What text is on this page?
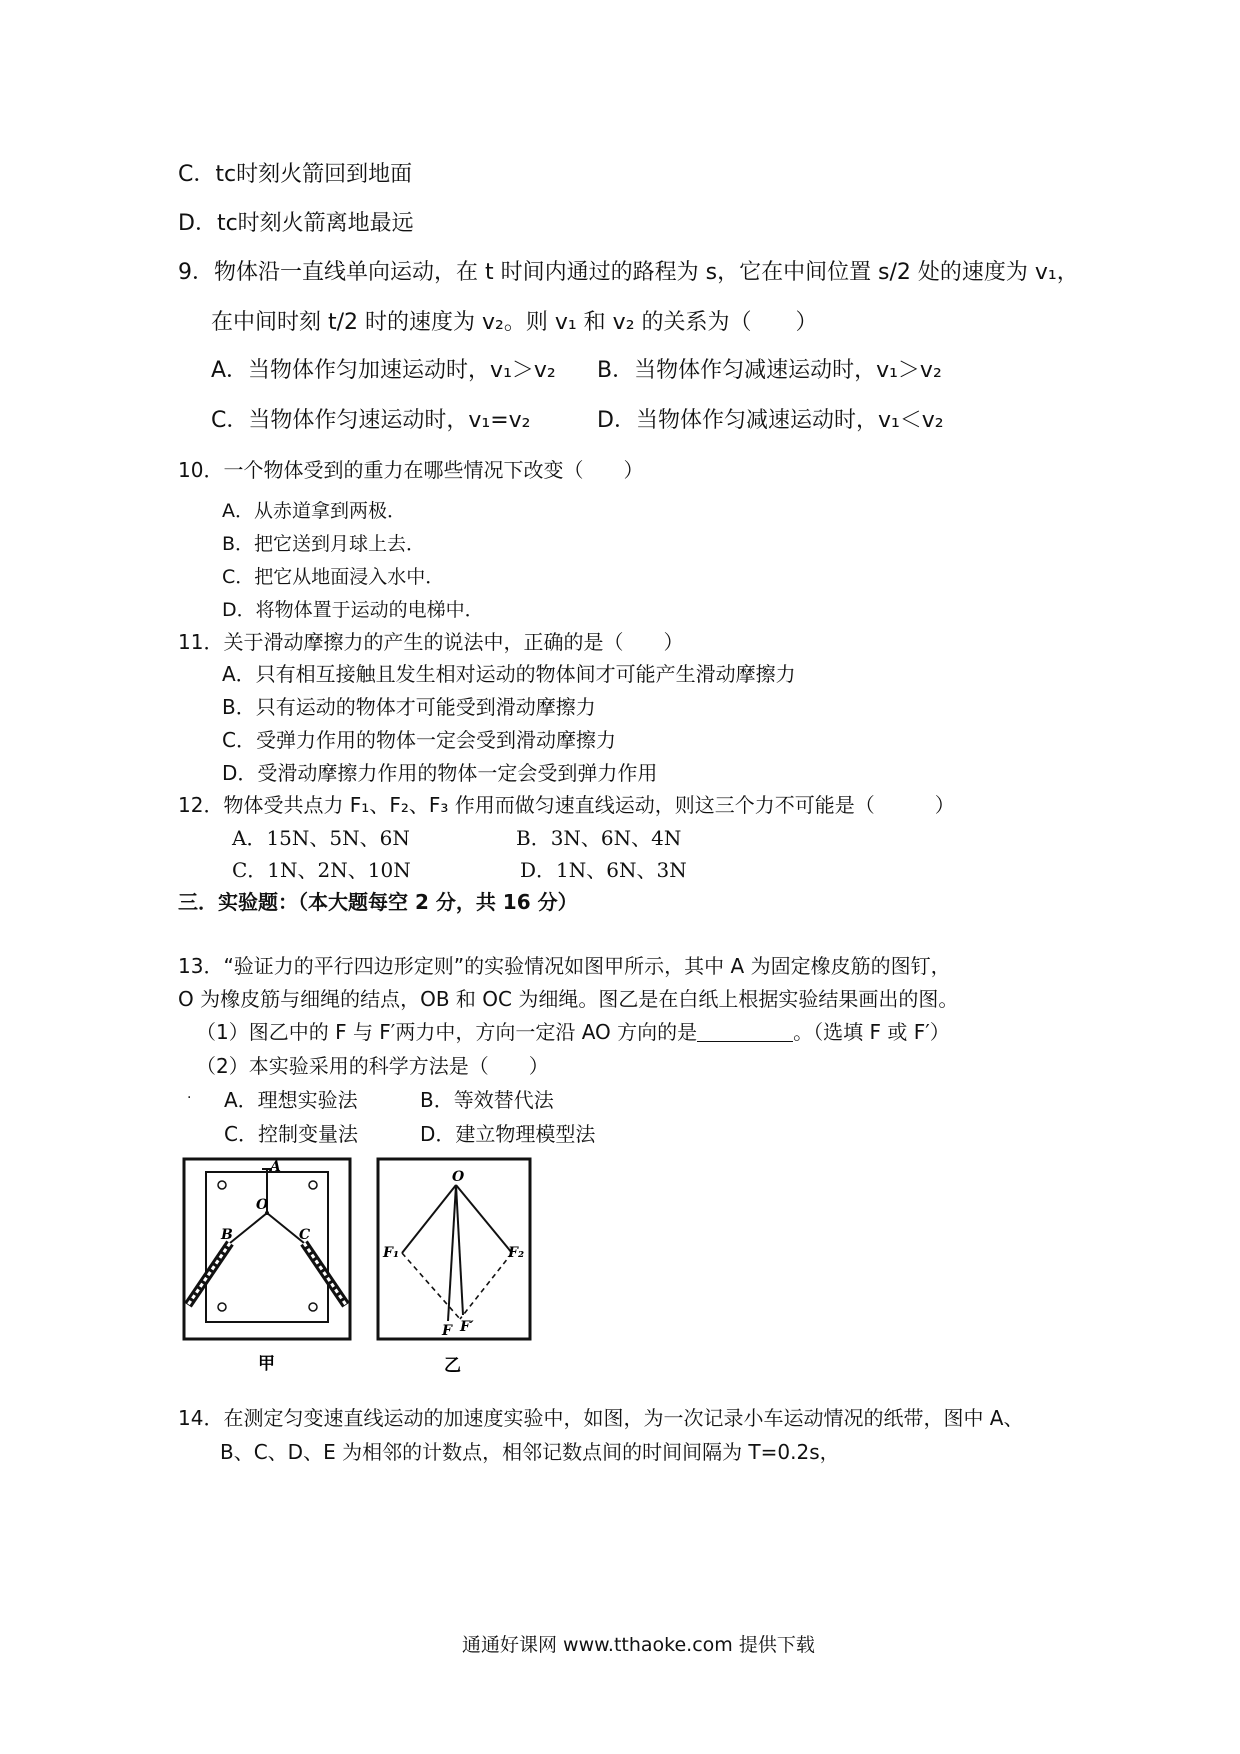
C．tc时刻火箭回到地面
D．tc时刻火箭离地最远
9．物体沿一直线单向运动，在 t 时间内通过的路程为 s，它在中间位置 s/2 处的速度为 v₁，
在中间时刻 t/2 时的速度为 v₂。则 v₁ 和 v₂ 的关系为（　　）
A．当物体作匀加速运动时，v₁＞v₂ B．当物体作匀减速运动时，v₁＞v₂
C．当物体作匀速运动时，v₁=v₂	D．当物体作匀减速运动时，v₁＜v₂
10．一个物体受到的重力在哪些情况下改变（　　）
A．从赤道拿到两极．
B．把它送到月球上去．
C．把它从地面浸入水中．
D．将物体置于运动的电梯中．
11．关于滑动摩擦力的产生的说法中，正确的是（　　）
A．只有相互接触且发生相对运动的物体间才可能产生滑动摩擦力
B．只有运动的物体才可能受到滑动摩擦力
C．受弹力作用的物体一定会受到滑动摩擦力
D．受滑动摩擦力作用的物体一定会受到弹力作用
12．物体受共点力 F₁、F₂、F₃ 作用而做匀速直线运动，则这三个力不可能是（　　　）
A．15N、5N、6N	B．3N、6N、4N
C．1N、2N、10N	D．1N、6N、3N
三．实验题：（本大题每空 2 分，共 16 分）
13．“验证力的平行四边形定则”的实验情况如图甲所示，其中 A 为固定橡皮筋的图钉，
O 为橡皮筋与细绳的结点，OB 和 OC 为细绳。图乙是在白纸上根据实验结果画出的图。
（1）图乙中的 F 与 F′两力中，方向一定沿 AO 方向的是	。（选填 F 或 F′）
（2）本实验采用的科学方法是（　　）
. A．理想实验法	B．等效替代法
C．控制变量法	D．建立物理模型法
A
O
B	C
甲
O
F₁	F₂
F F′
乙
14．在测定匀变速直线运动的加速度实验中，如图，为一次记录小车运动情况的纸带，图中 A、
B、C、D、E 为相邻的计数点，相邻记数点间的时间间隔为 T=0.2s，
通通好课网 www.tthaoke.com 提供下载
